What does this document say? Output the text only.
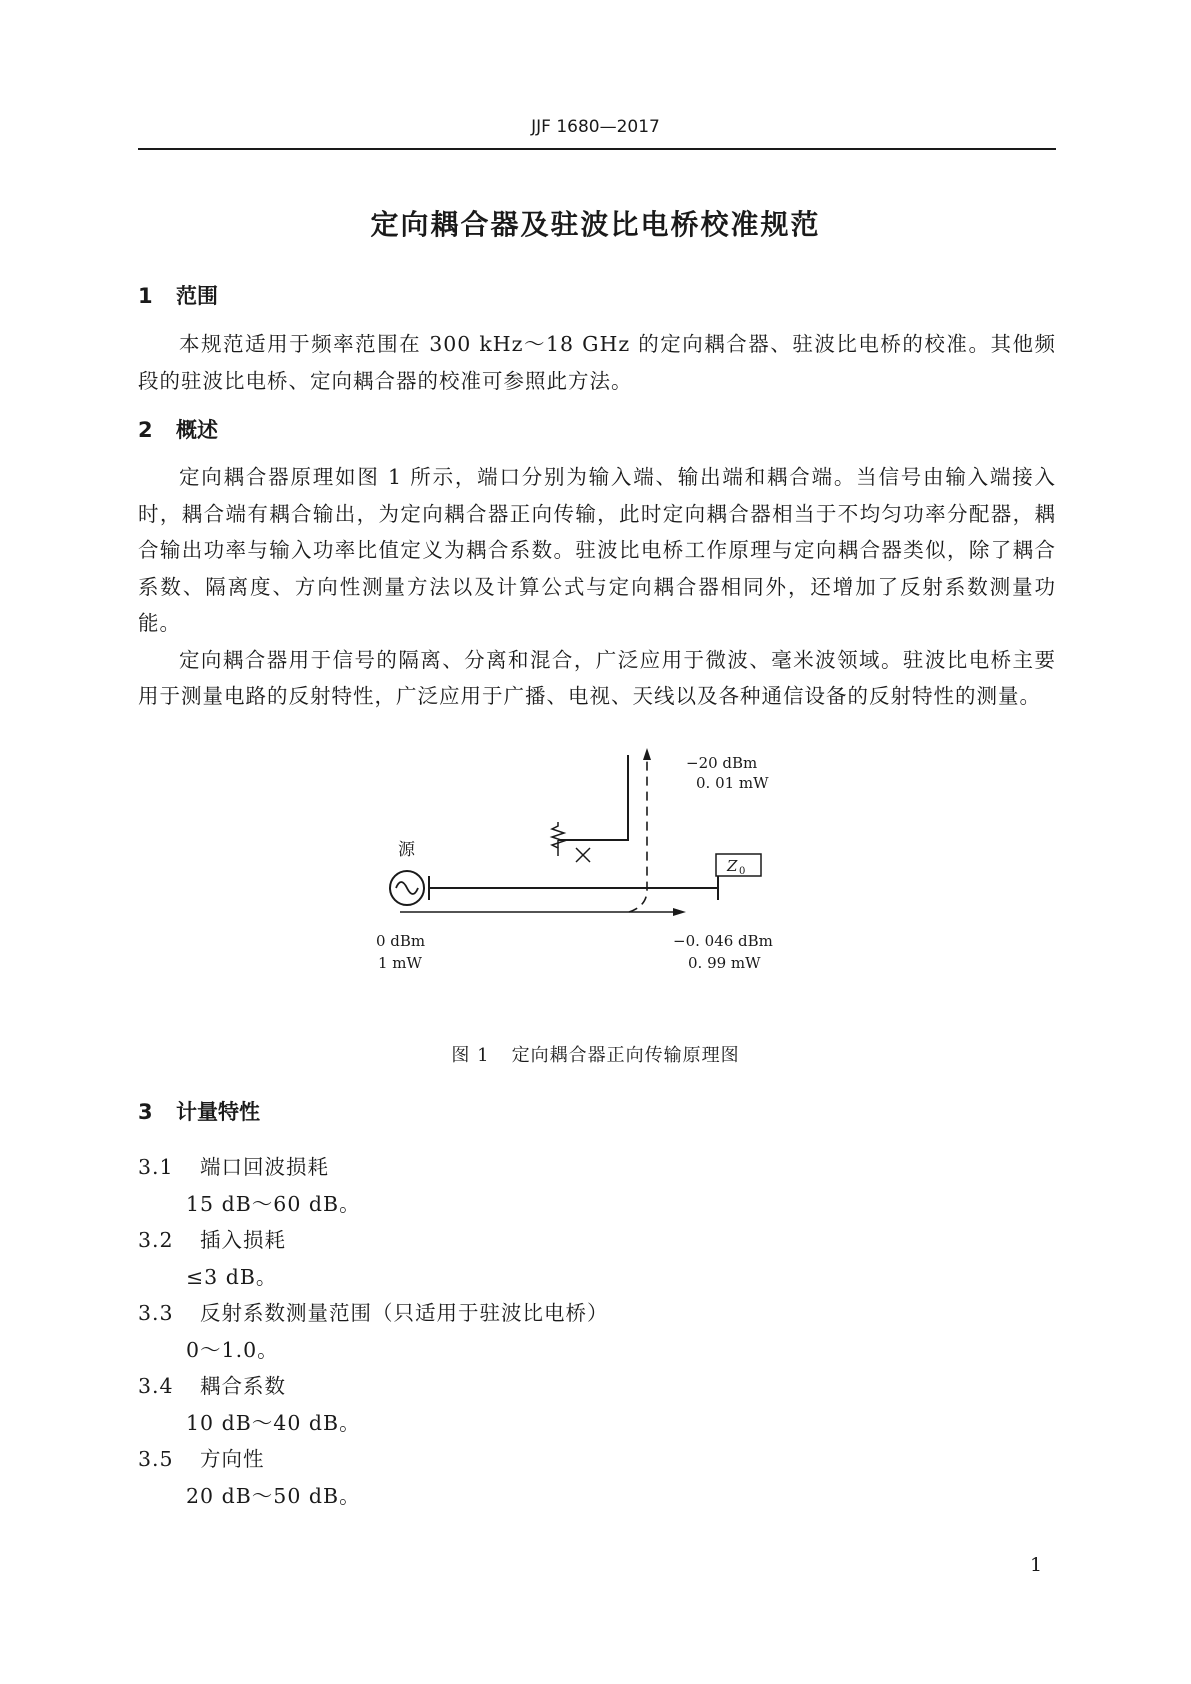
JJF 1680—2017
定向耦合器及驻波比电桥校准规范
1 范围

本规范适用于频率范围在 300 kHz～18 GHz 的定向耦合器、驻波比电桥的校准。其他频段的驻波比电桥、定向耦合器的校准可参照此方法。

2 概述

定向耦合器原理如图 1 所示，端口分别为输入端、输出端和耦合端。当信号由输入端接入时，耦合端有耦合输出，为定向耦合器正向传输，此时定向耦合器相当于不均匀功率分配器，耦合输出功率与输入功率比值定义为耦合系数。驻波比电桥工作原理与定向耦合器类似，除了耦合系数、隔离度、方向性测量方法以及计算公式与定向耦合器相同外，还增加了反射系数测量功能。

定向耦合器用于信号的隔离、分离和混合，广泛应用于微波、毫米波领域。驻波比电桥主要用于测量电路的反射特性，广泛应用于广播、电视、天线以及各种通信设备的反射特性的测量。

源
Z 0
−20 dBm
0. 01 mW
0 dBm
1 mW
−0. 046 dBm
0. 99 mW
图 1 定向耦合器正向传输原理图
3 计量特性
3.1 端口回波损耗
15 dB～60 dB。
3.2 插入损耗
≤3 dB。
3.3 反射系数测量范围（只适用于驻波比电桥）
0～1.0。
3.4 耦合系数
10 dB～40 dB。
3.5 方向性
20 dB～50 dB。
1
